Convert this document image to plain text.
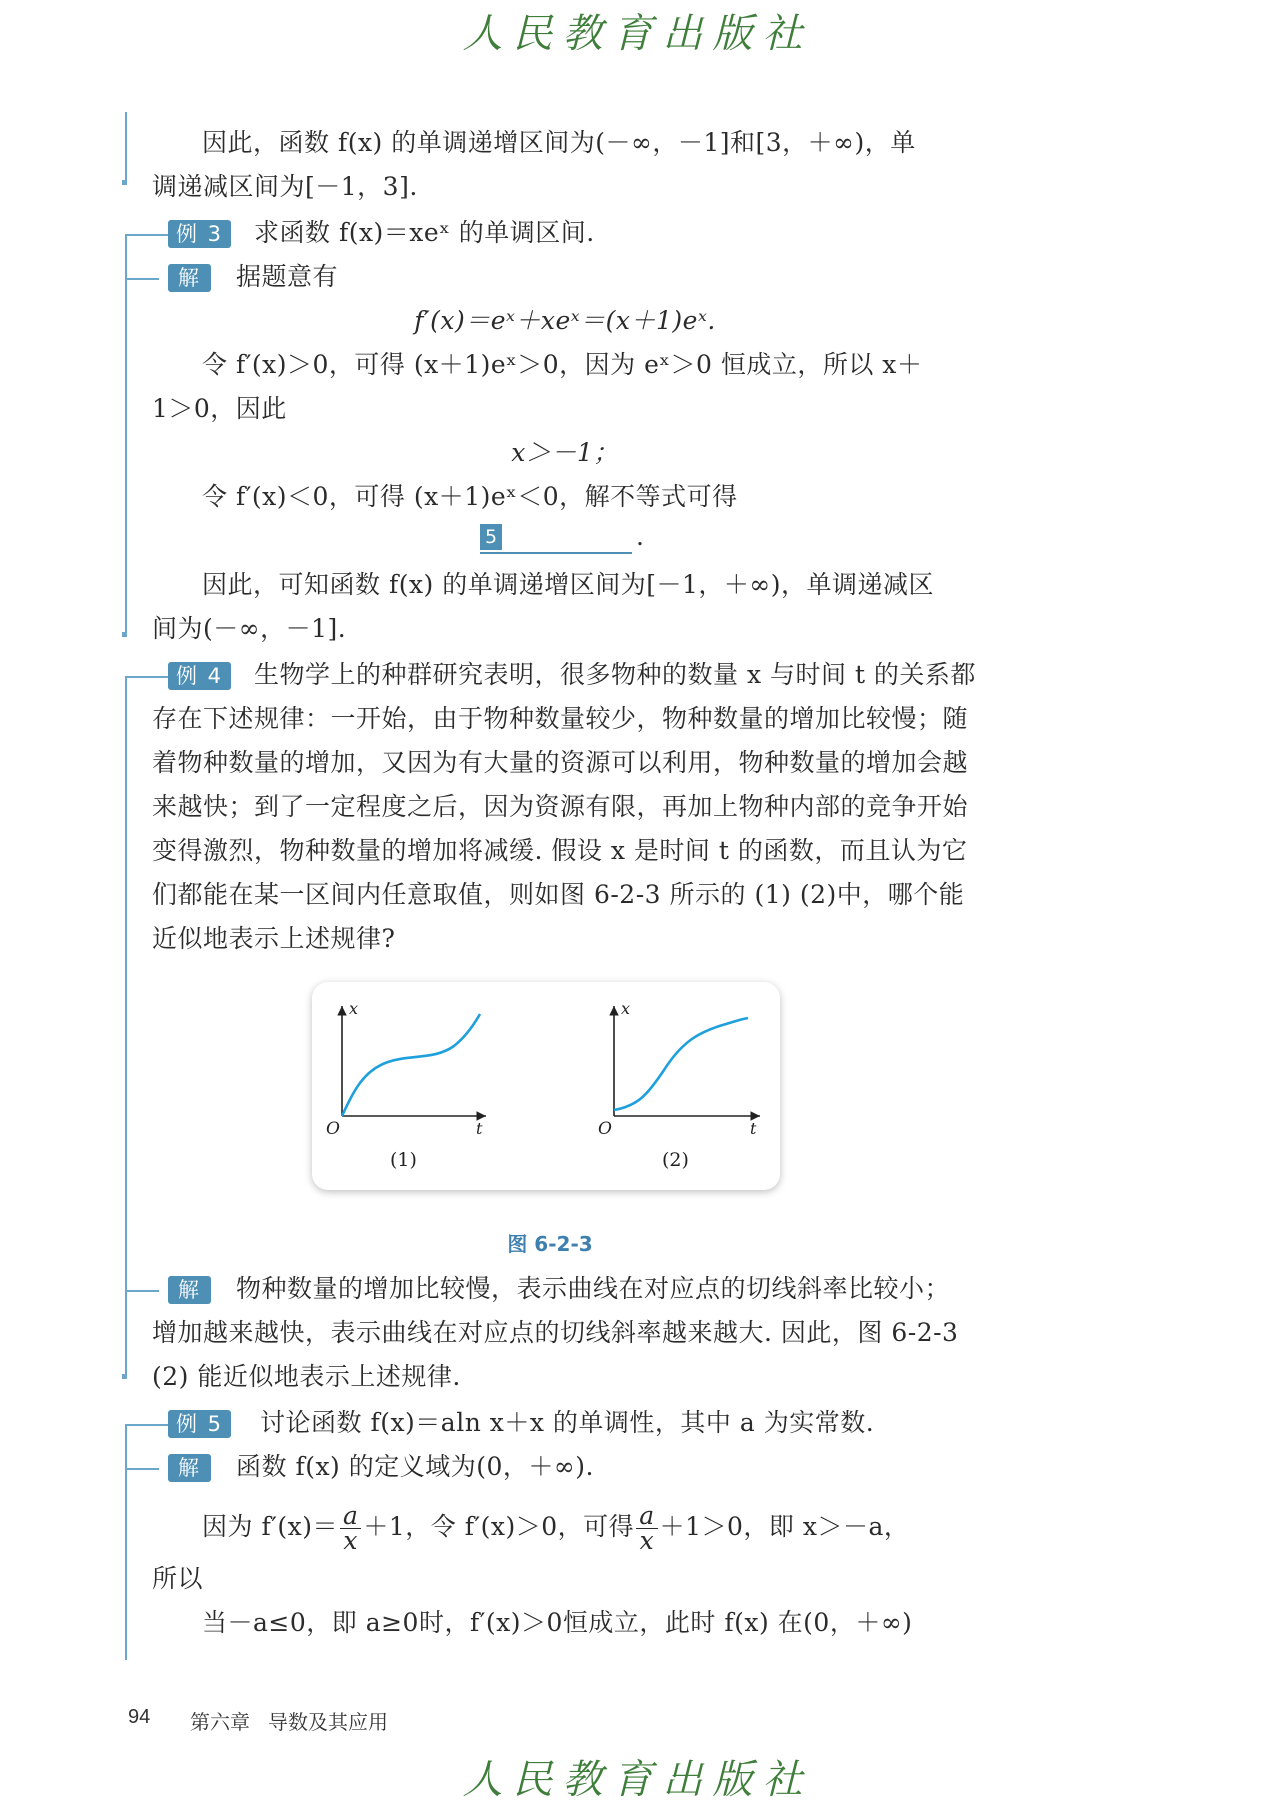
人民教育出版社
因此，函数 f(x) 的单调递增区间为(－∞，－1]和[3，＋∞)，单
调递减区间为[－1，3].
例 3	求函数 f(x)＝xeˣ 的单调区间.
解	据题意有
f′(x)＝eˣ＋xeˣ＝(x＋1)eˣ.
令 f′(x)＞0，可得 (x＋1)eˣ＞0，因为 eˣ＞0 恒成立，所以 x＋
1＞0，因此
x＞－1；
令 f′(x)＜0，可得 (x＋1)eˣ＜0，解不等式可得
5	.
因此，可知函数 f(x) 的单调递增区间为[－1，＋∞)，单调递减区
间为(－∞，－1].
例 4	生物学上的种群研究表明，很多物种的数量 x 与时间 t 的关系都
存在下述规律：一开始，由于物种数量较少，物种数量的增加比较慢；随
着物种数量的增加，又因为有大量的资源可以利用，物种数量的增加会越
来越快；到了一定程度之后，因为资源有限，再加上物种内部的竞争开始
变得激烈，物种数量的增加将减缓. 假设 x 是时间 t 的函数，而且认为它
们都能在某一区间内任意取值，则如图 6-2-3 所示的 (1) (2)中，哪个能
近似地表示上述规律?
x
t
O
(1)
x
t
O
(2)
图 6-2-3
解	物种数量的增加比较慢，表示曲线在对应点的切线斜率比较小；
增加越来越快，表示曲线在对应点的切线斜率越来越大. 因此，图 6-2-3
(2) 能近似地表示上述规律.
例 5	讨论函数 f(x)＝aln x＋x 的单调性，其中 a 为实常数.
解	函数 f(x) 的定义域为(0，＋∞).
因为 $f'(x)= \frac{a}{x} +1$，令 f′(x)＞0，可得 $\frac{a}{x} +1>0$，即 x＞－a，
所以
当－a≤0，即 a≥0时，f′(x)＞0恒成立，此时 f(x) 在(0，＋∞)
94 第六章 导数及其应用
人民教育出版社
